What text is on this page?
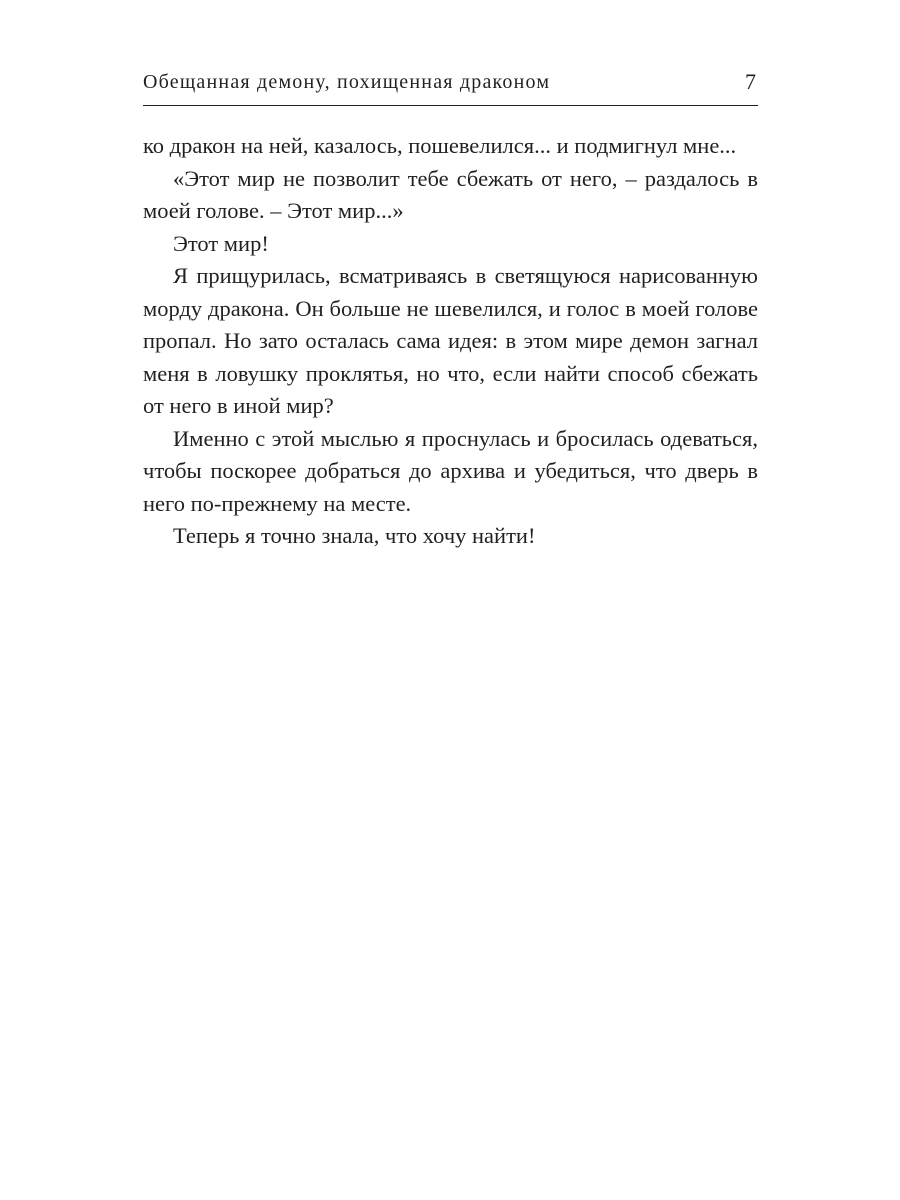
Обещанная демону, похищенная драконом	7

ко дракон на ней, казалось, пошевелился... и подмигнул мне...

«Этот мир не позволит тебе сбежать от него, – раздалось в моей голове. – Этот мир...»

Этот мир!

Я прищурилась, всматриваясь в светящуюся нарисованную морду дракона. Он больше не шевелился, и голос в моей голове пропал. Но зато осталась сама идея: в этом мире демон загнал меня в ловушку проклятья, но что, если найти способ сбежать от него в иной мир?

Именно с этой мыслью я проснулась и бросилась одеваться, чтобы поскорее добраться до архива и убедиться, что дверь в него по-прежнему на месте.

Теперь я точно знала, что хочу найти!
